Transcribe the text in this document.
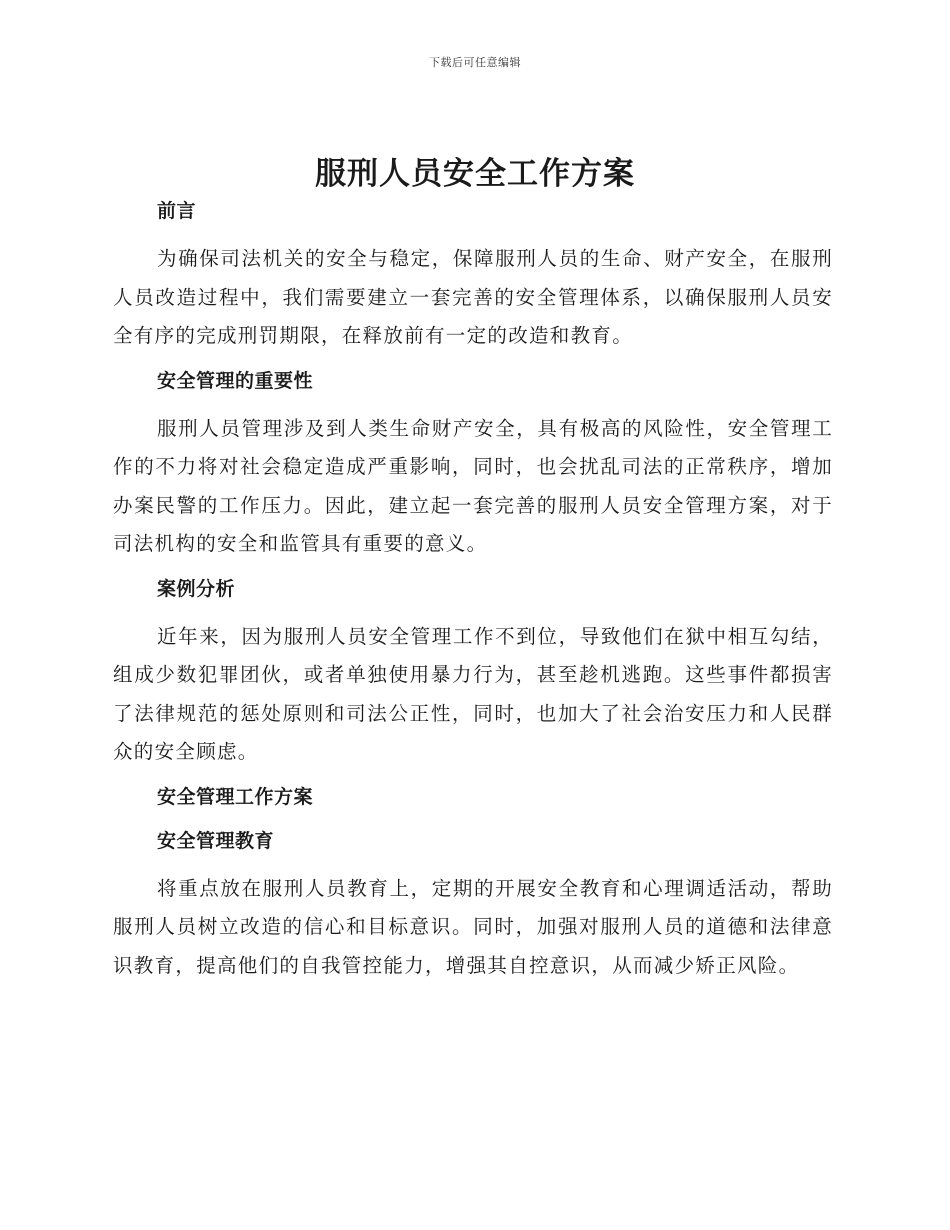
下载后可任意编辑
服刑人员安全工作方案
前言

为确保司法机关的安全与稳定，保障服刑人员的生命、财产安全，在服刑人员改造过程中，我们需要建立一套完善的安全管理体系，以确保服刑人员安全有序的完成刑罚期限，在释放前有一定的改造和教育。

安全管理的重要性

服刑人员管理涉及到人类生命财产安全，具有极高的风险性，安全管理工作的不力将对社会稳定造成严重影响，同时，也会扰乱司法的正常秩序，增加办案民警的工作压力。因此，建立起一套完善的服刑人员安全管理方案，对于司法机构的安全和监管具有重要的意义。

案例分析

近年来，因为服刑人员安全管理工作不到位，导致他们在狱中相互勾结，组成少数犯罪团伙，或者单独使用暴力行为，甚至趁机逃跑。这些事件都损害了法律规范的惩处原则和司法公正性，同时，也加大了社会治安压力和人民群众的安全顾虑。

安全管理工作方案
安全管理教育

将重点放在服刑人员教育上，定期的开展安全教育和心理调适活动，帮助服刑人员树立改造的信心和目标意识。同时，加强对服刑人员的道德和法律意识教育，提高他们的自我管控能力，增强其自控意识，从而减少矫正风险。
